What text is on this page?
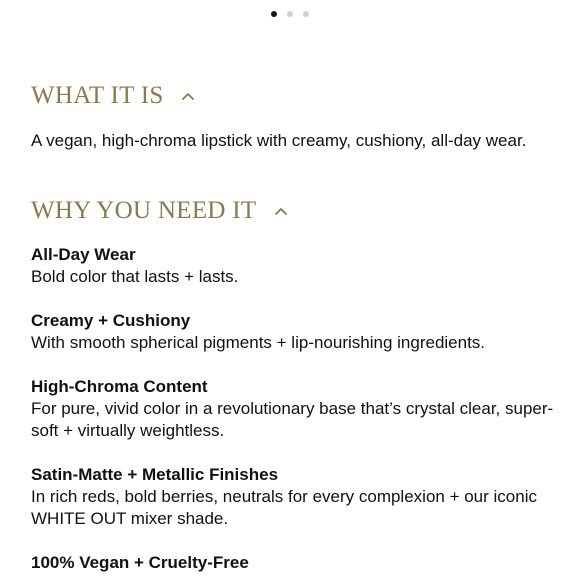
WHAT IT IS
A vegan, high-chroma lipstick with creamy, cushiony, all-day wear.
WHY YOU NEED IT
All-Day Wear
Bold color that lasts + lasts.
Creamy + Cushiony
With smooth spherical pigments + lip-nourishing ingredients.
High-Chroma Content
For pure, vivid color in a revolutionary base that’s crystal clear, super-soft + virtually weightless.
Satin-Matte + Metallic Finishes
In rich reds, bold berries, neutrals for every complexion + our iconic WHITE OUT mixer shade.
100% Vegan + Cruelty-Free
